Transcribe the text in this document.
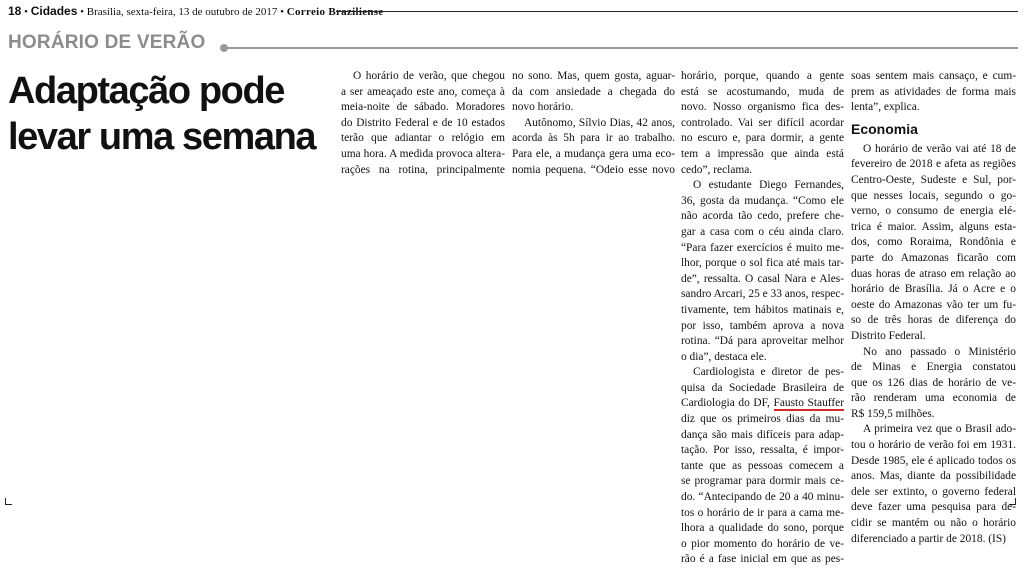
18 • Cidades • Brasília, sexta-feira, 13 de outubro de 2017 • Correio Braziliense
HORÁRIO DE VERÃO
Adaptação pode
levar uma semana
O horário de verão, que chegou
a ser ameaçado este ano, começa à
meia-noite de sábado. Moradores
do Distrito Federal e de 10 estados
terão que adiantar o relógio em
uma hora. A medida provoca altera-
rações na rotina, principalmente
no sono. Mas, quem gosta, aguar-
da com ansiedade a chegada do
novo horário.
Autônomo, Sílvio Dias, 42 anos,
acorda às 5h para ir ao trabalho.
Para ele, a mudança gera uma eco-
nomia pequena. “Odeio esse novo
horário, porque, quando a gente
está se acostumando, muda de
novo. Nosso organismo fica des-
controlado. Vai ser difícil acordar
no escuro e, para dormir, a gente
tem a impressão que ainda está
cedo”, reclama.
O estudante Diego Fernandes,
36, gosta da mudança. “Como ele
não acorda tão cedo, prefere che-
gar a casa com o céu ainda claro.
“Para fazer exercícios é muito me-
lhor, porque o sol fica até mais tar-
de”, ressalta. O casal Nara e Ales-
sandro Arcari, 25 e 33 anos, respec-
tivamente, tem hábitos matinais e,
por isso, também aprova a nova
rotina. “Dá para aproveitar melhor
o dia”, destaca ele.
Cardiologista e diretor de pes-
quisa da Sociedade Brasileira de
Cardiologia do DF, Fausto Stauffer
diz que os primeiros dias da mu-
dança são mais difíceis para adap-
tação. Por isso, ressalta, é impor-
tante que as pessoas comecem a
se programar para dormir mais ce-
do. “Antecipando de 20 a 40 minu-
tos o horário de ir para a cama me-
lhora a qualidade do sono, porque
o pior momento do horário de ve-
rão é a fase inicial em que as pes-
soas sentem mais cansaço, e cum-
prem as atividades de forma mais
lenta”, explica.
Economia
O horário de verão vai até 18 de
fevereiro de 2018 e afeta as regiões
Centro-Oeste, Sudeste e Sul, por-
que nesses locais, segundo o go-
verno, o consumo de energia elé-
trica é maior. Assim, alguns esta-
dos, como Roraima, Rondônia e
parte do Amazonas ficarão com
duas horas de atraso em relação ao
horário de Brasília. Já o Acre e o
oeste do Amazonas vão ter um fu-
so de três horas de diferença do
Distrito Federal.
No ano passado o Ministério
de Minas e Energia constatou
que os 126 dias de horário de ve-
rão renderam uma economia de
R$ 159,5 milhões.
A primeira vez que o Brasil ado-
tou o horário de verão foi em 1931.
Desde 1985, ele é aplicado todos os
anos. Mas, diante da possibilidade
dele ser extinto, o governo federal
deve fazer uma pesquisa para de-
cidir se mantém ou não o horário
diferenciado a partir de 2018. (IS)
